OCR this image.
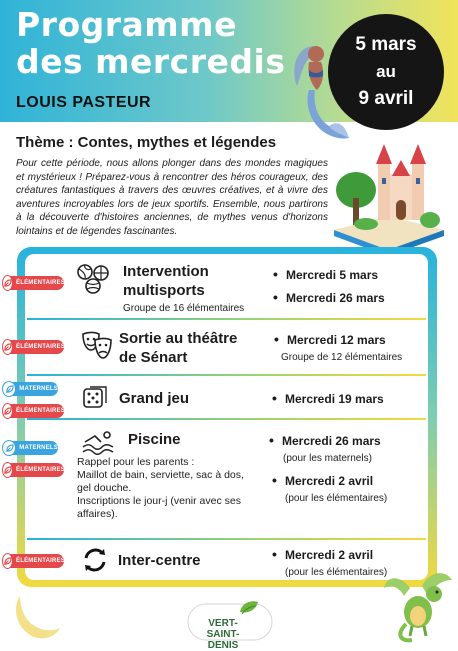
Programme
des mercredis
LOUIS PASTEUR
5 mars
au
9 avril
Thème : Contes, mythes et légendes
Pour cette période, nous allons plonger dans des mondes magiques et mystérieux ! Préparez-vous à rencontrer des héros courageux, des créatures fantastiques à travers des œuvres créatives, et à vivre des aventures incroyables lors de jeux sportifs. Ensemble, nous partirons à la découverte d'histoires anciennes, de mythes venus d'horizons lointains et de légendes fascinantes.
Intervention
multisports
Groupe de 16 élémentaires
• Mercredi 5 mars
• Mercredi 26 mars
Sortie au théâtre
de Sénart
• Mercredi 12 mars
Groupe de 12 élémentaires
Grand jeu	• Mercredi 19 mars
Piscine
Rappel pour les parents :
Maillot de bain, serviette, sac à dos,
gel douche.
Inscriptions le jour-j (venir avec ses
affaires).
• Mercredi 26 mars
(pour les maternels)
• Mercredi 2 avril
(pour les élémentaires)
Inter-centre	• Mercredi 2 avril
(pour les élémentaires)
ÉLÉMENTAIRES
ÉLÉMENTAIRES
MATERNELS
ÉLÉMENTAIRES
MATERNELS
ÉLÉMENTAIRES
ÉLÉMENTAIRES
VERT-
SAINT-DENIS
